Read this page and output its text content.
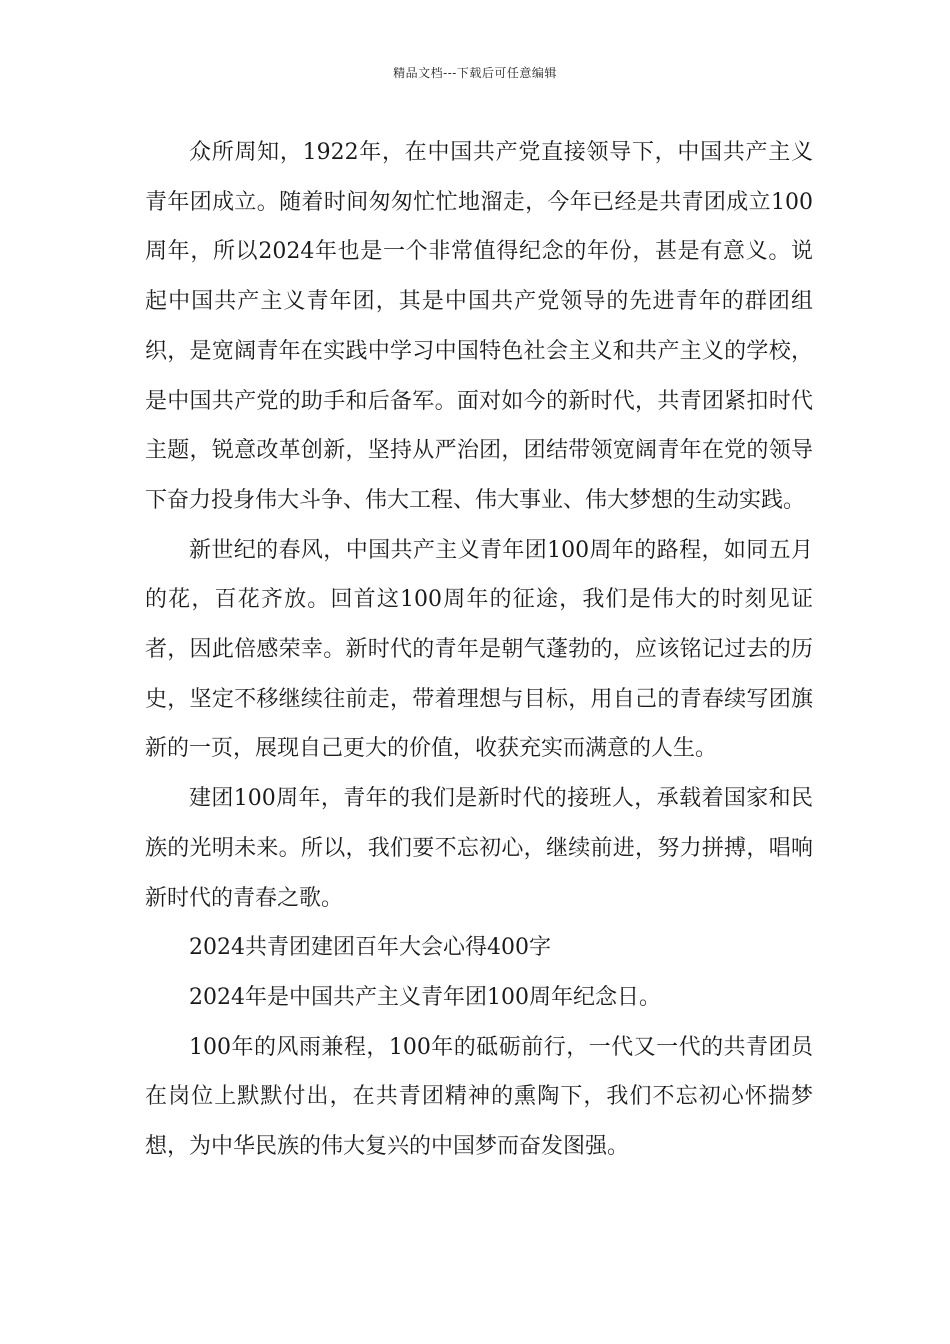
精品文档---下载后可任意编辑

众所周知，1922年，在中国共产党直接领导下，中国共产主义青年团成立。随着时间匆匆忙忙地溜走，今年已经是共青团成立100周年，所以2024年也是一个非常值得纪念的年份，甚是有意义。说起中国共产主义青年团，其是中国共产党领导的先进青年的群团组织，是宽阔青年在实践中学习中国特色社会主义和共产主义的学校，是中国共产党的助手和后备军。面对如今的新时代，共青团紧扣时代主题，锐意改革创新，坚持从严治团，团结带领宽阔青年在党的领导下奋力投身伟大斗争、伟大工程、伟大事业、伟大梦想的生动实践。

新世纪的春风，中国共产主义青年团100周年的路程，如同五月的花，百花齐放。回首这100周年的征途，我们是伟大的时刻见证者，因此倍感荣幸。新时代的青年是朝气蓬勃的，应该铭记过去的历史，坚定不移继续往前走，带着理想与目标，用自己的青春续写团旗新的一页，展现自己更大的价值，收获充实而满意的人生。

建团100周年，青年的我们是新时代的接班人，承载着国家和民族的光明未来。所以，我们要不忘初心，继续前进，努力拼搏，唱响新时代的青春之歌。

2024共青团建团百年大会心得400字

2024年是中国共产主义青年团100周年纪念日。

100年的风雨兼程，100年的砥砺前行，一代又一代的共青团员在岗位上默默付出，在共青团精神的熏陶下，我们不忘初心怀揣梦想，为中华民族的伟大复兴的中国梦而奋发图强。
